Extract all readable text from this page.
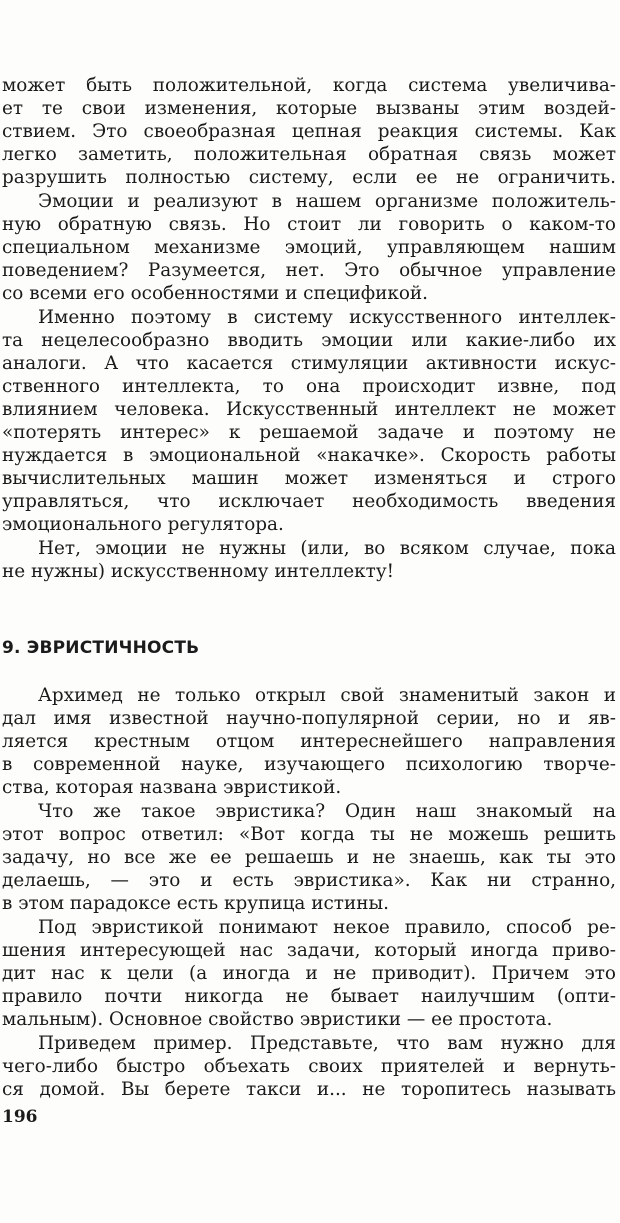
может быть положительной, когда система увеличива-
ет те свои изменения, которые вызваны этим воздей-
ствием. Это своеобразная цепная реакция системы. Как
легко заметить, положительная обратная связь может
разрушить полностью систему, если ее не ограничить.
Эмоции и реализуют в нашем организме положитель-
ную обратную связь. Но стоит ли говорить о каком-то
специальном механизме эмоций, управляющем нашим
поведением? Разумеется, нет. Это обычное управление
со всеми его особенностями и спецификой.
Именно поэтому в систему искусственного интеллек-
та нецелесообразно вводить эмоции или какие-либо их
аналоги. А что касается стимуляции активности искус-
ственного интеллекта, то она происходит извне, под
влиянием человека. Искусственный интеллект не может
«потерять интерес» к решаемой задаче и поэтому не
нуждается в эмоциональной «накачке». Скорость работы
вычислительных машин может изменяться и строго
управляться, что исключает необходимость введения
эмоционального регулятора.
Нет, эмоции не нужны (или, во всяком случае, пока
не нужны) искусственному интеллекту!
9. ЭВРИСТИЧНОСТЬ
Архимед не только открыл свой знаменитый закон и
дал имя известной научно-популярной серии, но и яв-
ляется крестным отцом интереснейшего направления
в современной науке, изучающего психологию творче-
ства, которая названа эвристикой.
Что же такое эвристика? Один наш знакомый на
этот вопрос ответил: «Вот когда ты не можешь решить
задачу, но все же ее решаешь и не знаешь, как ты это
делаешь, — это и есть эвристика». Как ни странно,
в этом парадоксе есть крупица истины.
Под эвристикой понимают некое правило, способ ре-
шения интересующей нас задачи, который иногда приво-
дит нас к цели (а иногда и не приводит). Причем это
правило почти никогда не бывает наилучшим (опти-
мальным). Основное свойство эвристики — ее простота.
Приведем пример. Представьте, что вам нужно для
чего-либо быстро объехать своих приятелей и вернуть-
ся домой. Вы берете такси и... не торопитесь называть
196
